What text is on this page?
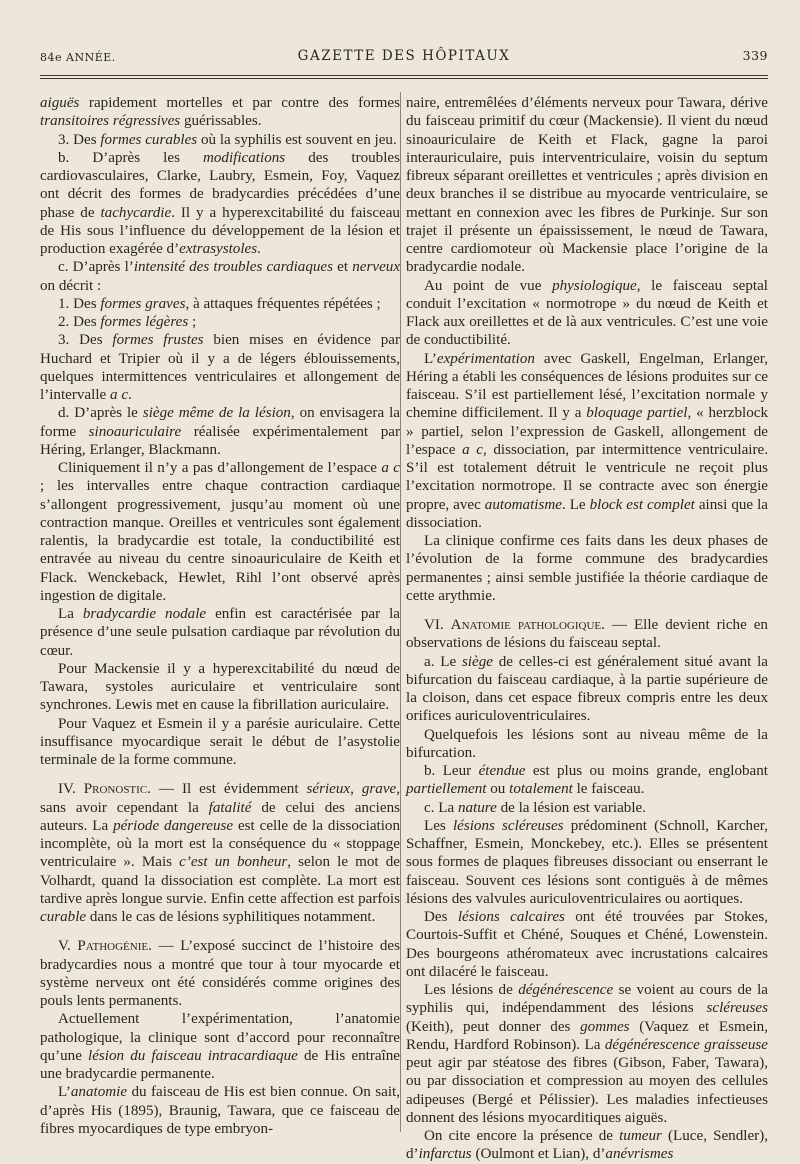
84e ANNÉE.	GAZETTE DES HÔPITAUX	339

aiguës rapidement mortelles et par contre des formes transitoires régressives guérissables.

3. Des formes curables où la syphilis est souvent en jeu.

b. D’après les modifications des troubles cardiovasculaires, Clarke, Laubry, Esmein, Foy, Vaquez ont décrit des formes de bradycardies précédées d’une phase de tachycardie. Il y a hyperexcitabilité du faisceau de His sous l’influence du développement de la lésion et production exagérée d’extrasystoles.

c. D’après l’intensité des troubles cardiaques et nerveux on décrit :

1. Des formes graves, à attaques fréquentes répétées ;

2. Des formes légères ;

3. Des formes frustes bien mises en évidence par Huchard et Tripier où il y a de légers éblouissements, quelques intermittences ventriculaires et allongement de l’intervalle a c.

d. D’après le siège même de la lésion, on envisagera la forme sinoauriculaire réalisée expérimentalement par Héring, Erlanger, Blackmann.

Cliniquement il n’y a pas d’allongement de l’espace a c ; les intervalles entre chaque contraction cardiaque s’allongent progressivement, jusqu’au moment où une contraction manque. Oreilles et ventricules sont également ralentis, la bradycardie est totale, la conductibilité est entravée au niveau du centre sinoauriculaire de Keith et Flack. Wenckeback, Hewlet, Rihl l’ont observé après ingestion de digitale.

La bradycardie nodale enfin est caractérisée par la présence d’une seule pulsation cardiaque par révolution du cœur.

Pour Mackensie il y a hyperexcitabilité du nœud de Tawara, systoles auriculaire et ventriculaire sont synchrones. Lewis met en cause la fibrillation auriculaire.

Pour Vaquez et Esmein il y a parésie auriculaire. Cette insuffisance myocardique serait le début de l’asystolie terminale de la forme commune.

IV. Pronostic. — Il est évidemment sérieux, grave, sans avoir cependant la fatalité de celui des anciens auteurs. La période dangereuse est celle de la dissociation incomplète, où la mort est la conséquence du « stoppage ventriculaire ». Mais c’est un bonheur, selon le mot de Volhardt, quand la dissociation est complète. La mort est tardive après longue survie. Enfin cette affection est parfois curable dans le cas de lésions syphilitiques notamment.

V. Pathogénie. — L’exposé succinct de l’histoire des bradycardies nous a montré que tour à tour myocarde et système nerveux ont été considérés comme origines des pouls lents permanents.

Actuellement l’expérimentation, l’anatomie pathologique, la clinique sont d’accord pour reconnaître qu’une lésion du faisceau intracardiaque de His entraîne une bradycardie permanente.

L’anatomie du faisceau de His est bien connue. On sait, d’après His (1895), Braunig, Tawara, que ce faisceau de fibres myocardiques de type embryon-

naire, entremêlées d’éléments nerveux pour Tawara, dérive du faisceau primitif du cœur (Mackensie). Il vient du nœud sinoauriculaire de Keith et Flack, gagne la paroi interauriculaire, puis interventriculaire, voisin du septum fibreux séparant oreillettes et ventricules ; après division en deux branches il se distribue au myocarde ventriculaire, se mettant en connexion avec les fibres de Purkinje. Sur son trajet il présente un épaississement, le nœud de Tawara, centre cardiomoteur où Mackensie place l’origine de la bradycardie nodale.

Au point de vue physiologique, le faisceau septal conduit l’excitation « normotrope » du nœud de Keith et Flack aux oreillettes et de là aux ventricules. C’est une voie de conductibilité.

L’expérimentation avec Gaskell, Engelman, Erlanger, Héring a établi les conséquences de lésions produites sur ce faisceau. S’il est partiellement lésé, l’excitation normale y chemine difficilement. Il y a bloquage partiel, « herzblock » partiel, selon l’expression de Gaskell, allongement de l’espace a c, dissociation, par intermittence ventriculaire. S’il est totalement détruit le ventricule ne reçoit plus l’excitation normotrope. Il se contracte avec son énergie propre, avec automatisme. Le block est complet ainsi que la dissociation.

La clinique confirme ces faits dans les deux phases de l’évolution de la forme commune des bradycardies permanentes ; ainsi semble justifiée la théorie cardiaque de cette arythmie.

VI. Anatomie pathologique. — Elle devient riche en observations de lésions du faisceau septal.

a. Le siège de celles-ci est généralement situé avant la bifurcation du faisceau cardiaque, à la partie supérieure de la cloison, dans cet espace fibreux compris entre les deux orifices auriculoventriculaires.

Quelquefois les lésions sont au niveau même de la bifurcation.

b. Leur étendue est plus ou moins grande, englobant partiellement ou totalement le faisceau.

c. La nature de la lésion est variable.

Les lésions scléreuses prédominent (Schnoll, Karcher, Schaffner, Esmein, Monckebey, etc.). Elles se présentent sous formes de plaques fibreuses dissociant ou enserrant le faisceau. Souvent ces lésions sont contiguës à de mêmes lésions des valvules auriculoventriculaires ou aortiques.

Des lésions calcaires ont été trouvées par Stokes, Courtois-Suffit et Chéné, Souques et Chéné, Lowenstein. Des bourgeons athéromateux avec incrustations calcaires ont dilacéré le faisceau.

Les lésions de dégénérescence se voient au cours de la syphilis qui, indépendamment des lésions scléreuses (Keith), peut donner des gommes (Vaquez et Esmein, Rendu, Hardford Robinson). La dégénérescence graisseuse peut agir par stéatose des fibres (Gibson, Faber, Tawara), ou par dissociation et compression au moyen des cellules adipeuses (Bergé et Pélissier). Les maladies infectieuses donnent des lésions myocarditiques aiguës.

On cite encore la présence de tumeur (Luce, Sendler), d’infarctus (Oulmont et Lian), d’anévrismes
